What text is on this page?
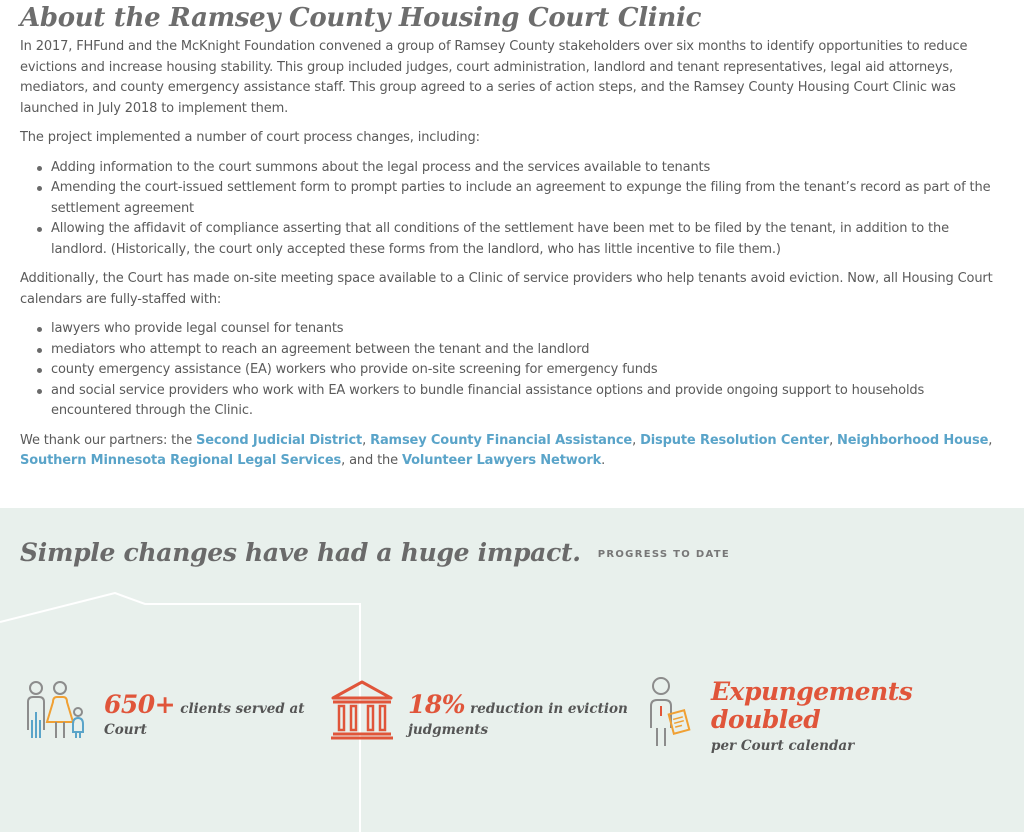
About the Ramsey County Housing Court Clinic

In 2017, FHFund and the McKnight Foundation convened a group of Ramsey County stakeholders over six months to identify opportunities to reduce evictions and increase housing stability. This group included judges, court administration, landlord and tenant representatives, legal aid attorneys, mediators, and county emergency assistance staff. This group agreed to a series of action steps, and the Ramsey County Housing Court Clinic was launched in July 2018 to implement them.

The project implemented a number of court process changes, including:

Adding information to the court summons about the legal process and the services available to tenants
Amending the court-issued settlement form to prompt parties to include an agreement to expunge the filing from the tenant’s record as part of the settlement agreement
Allowing the affidavit of compliance asserting that all conditions of the settlement have been met to be filed by the tenant, in addition to the landlord. (Historically, the court only accepted these forms from the landlord, who has little incentive to file them.)

Additionally, the Court has made on-site meeting space available to a Clinic of service providers who help tenants avoid eviction. Now, all Housing Court calendars are fully-staffed with:

lawyers who provide legal counsel for tenants
mediators who attempt to reach an agreement between the tenant and the landlord
county emergency assistance (EA) workers who provide on-site screening for emergency funds
and social service providers who work with EA workers to bundle financial assistance options and provide ongoing support to households encountered through the Clinic.

We thank our partners: the Second Judicial District, Ramsey County Financial Assistance, Dispute Resolution Center, Neighborhood House, Southern Minnesota Regional Legal Services, and the Volunteer Lawyers Network.

Simple changes have had a huge impact. PROGRESS TO DATE
650+ clients served at
Court
18% reduction in eviction
judgments
Expungements
doubled
per Court calendar
